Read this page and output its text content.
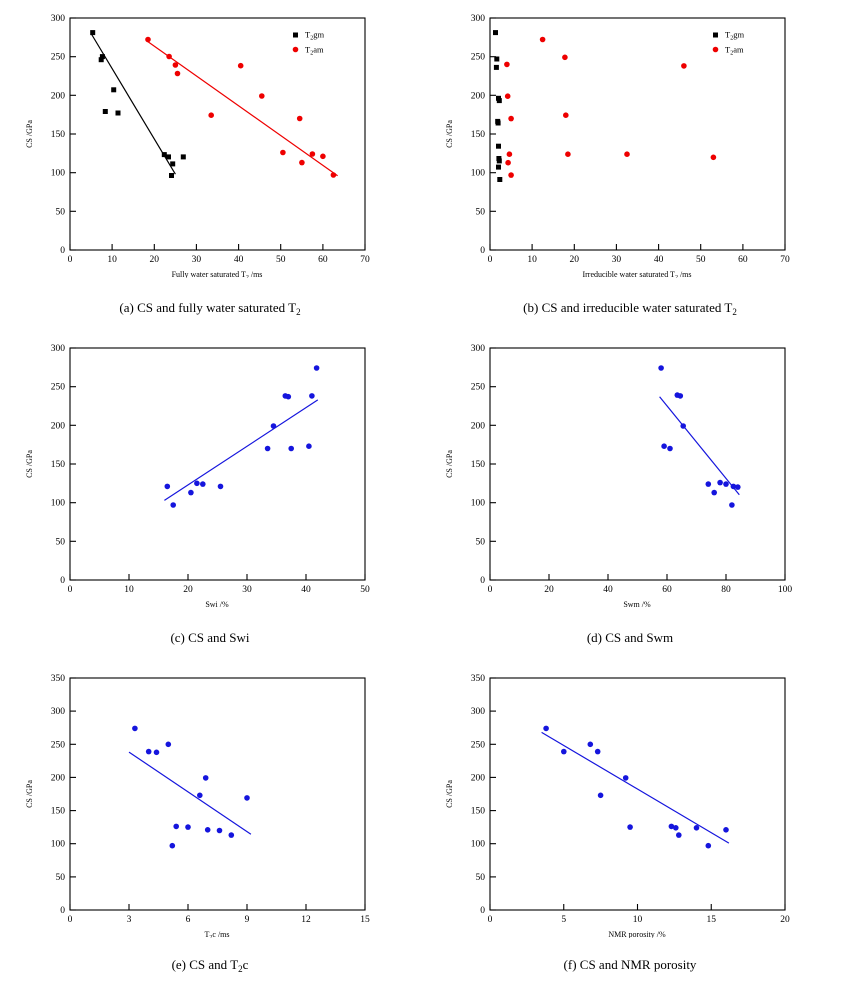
0	10	20	30	40	50	60	70
0
50
100
150
200
250
300
Fully water saturated $T_2$ /ms
CS /GPa
$T_2gm$
$T_2am$
(a) CS and fully water saturated $T_2$
0	10	20	30	40	50	60	70
0
50
100
150
200
250
300
Irreducible water saturated $T_2$ /ms
CS /GPa
$T_2gm$
$T_2am$
(b) CS and irreducible water saturated $T_2$
0	10	20	30	40	50
0
50
100
150
200
250
300
Swi /%
CS /GPa
(c) CS and Swi
0	20	40	60	80	100
0
50
100
150
200
250
300
Swm /%
CS /GPa
(d) CS and Swm
0	3	6	9	12	15
0
50
100
150
200
250
300
350
$T_2c$ /ms
CS /GPa
(e) CS and $T_2c$
0	5	10	15	20
0
50
100
150
200
250
300
350
NMR porosity /%
CS /GPa
(f) CS and NMR porosity
